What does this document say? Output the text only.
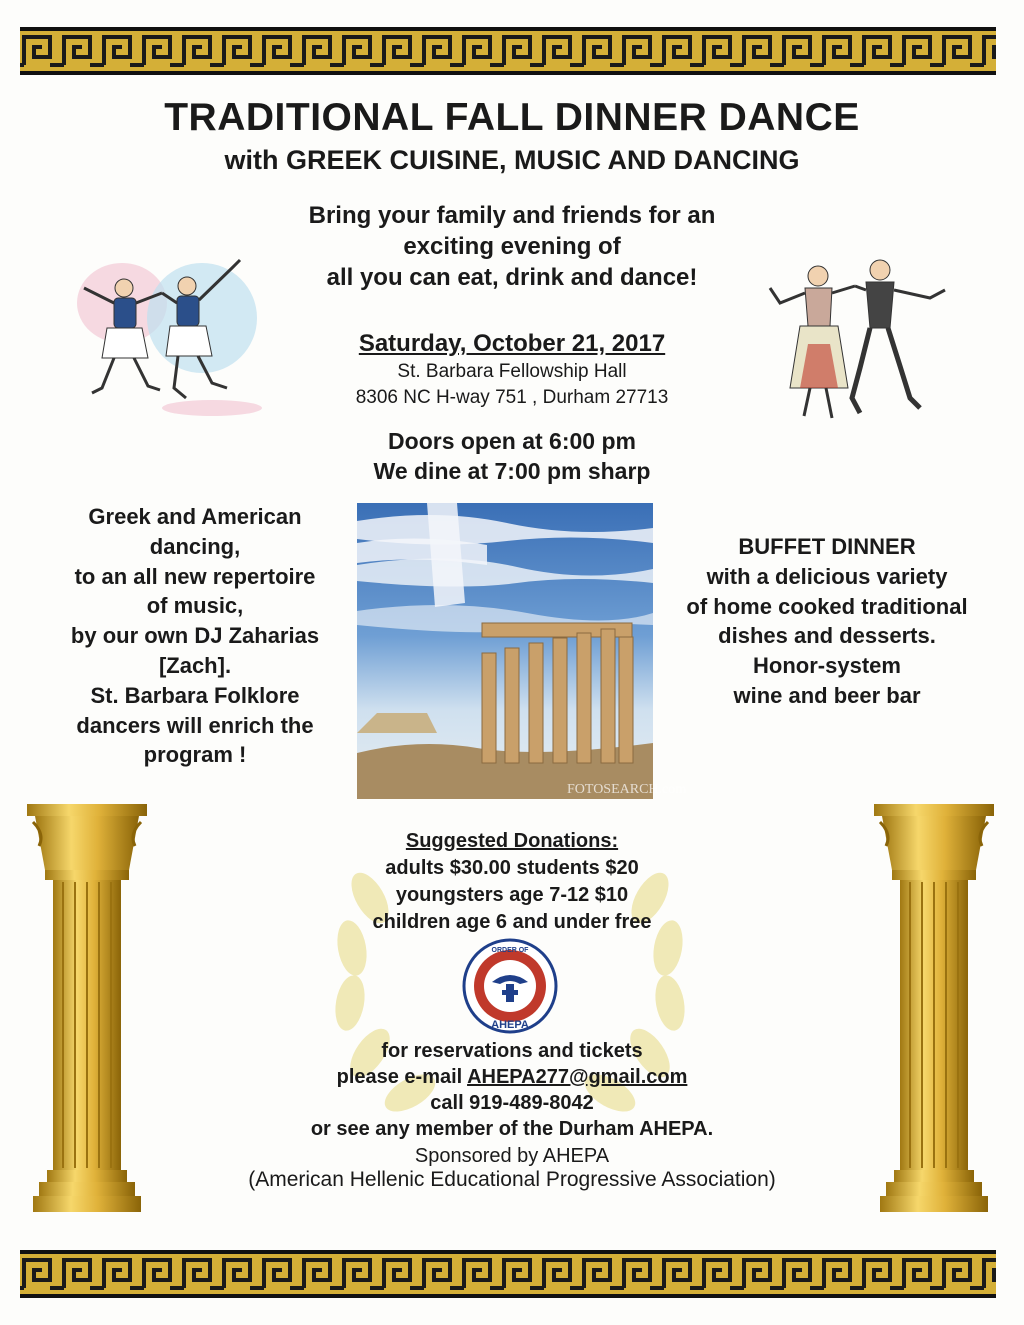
TRADITIONAL FALL DINNER DANCE
with GREEK CUISINE, MUSIC AND DANCING
Bring your family and friends for an
exciting evening of
all you can eat, drink and dance!
Saturday, October 21, 2017
St. Barbara Fellowship Hall
8306 NC H-way 751 , Durham 27713
Doors open at 6:00 pm
We dine at 7:00 pm sharp
Greek and American
dancing,
to an all new repertoire
of music,
by our own DJ Zaharias
[Zach].
St. Barbara Folklore
dancers will enrich the
program !
BUFFET DINNER
with a delicious variety
of home cooked traditional
dishes and desserts.
Honor-system
wine and beer bar
FOTOSEARCH.com
Suggested Donations:
adults $30.00 students $20
youngsters age 7-12 $10
children age 6 and under free
ORDER OF
AHEPA
for reservations and tickets
please e-mail AHEPA277@gmail.com
call 919-489-8042
or see any member of the Durham AHEPA.
Sponsored by AHEPA
(American Hellenic Educational Progressive Association)
